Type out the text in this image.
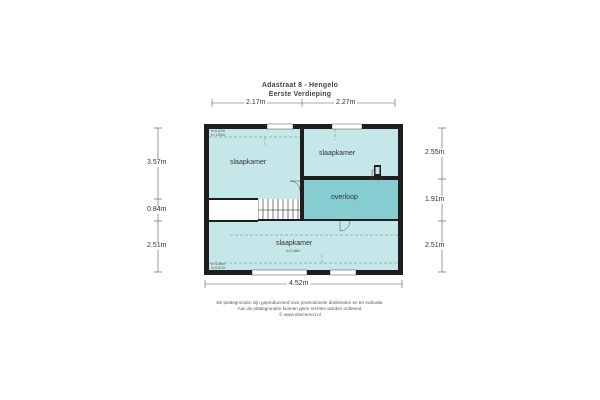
Adastraat 8 - Hengelo
Eerste Verdieping
2.17m	2.27m
4.52m
3.57m
0.84m
2.51m
2.55m
1.91m
2.51m
slaapkamer
slaapkamer
overloop
slaapkamer
h<2.48m
h<0.87m
h<1.50m
h<1.50m
h<0.87m
De plattegronden zijn geproduceerd voor promotionele doeleinden en ter indicatie.
Aan de plattegronden kunnen geen rechten worden ontleend.
© www.obectenco.nl
